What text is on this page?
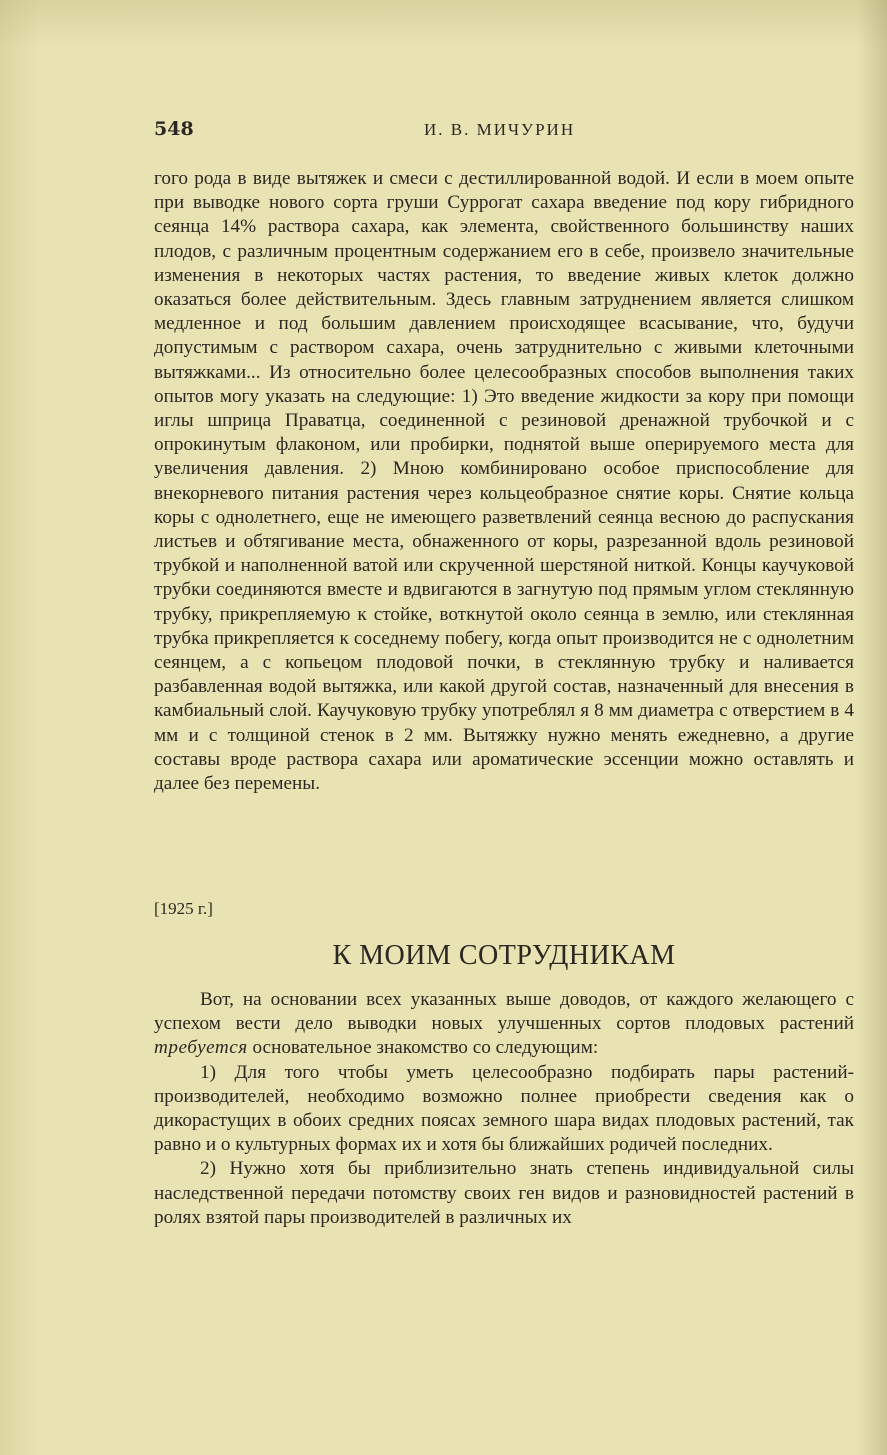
548	И. В. МИЧУРИН

гого рода в виде вытяжек и смеси с дестиллированной водой. И если в моем опыте при выводке нового сорта груши Суррогат сахара введение под кору гибридного сеянца 14% раствора сахара, как элемента, свойственного большинству наших плодов, с различным процентным содержанием его в себе, произвело значительные изменения в некоторых частях растения, то введение живых клеток должно оказаться более действительным. Здесь главным затруднением является слишком медленное и под большим давлением происходящее всасывание, что, будучи допустимым с раствором сахара, очень затруднительно с живыми клеточными вытяжками... Из относительно более целесообразных способов выполнения таких опытов могу указать на следующие: 1) Это введение жидкости за кору при помощи иглы шприца Праватца, соединенной с резиновой дренажной трубочкой и с опрокинутым флаконом, или пробирки, поднятой выше оперируемого места для увеличения давления. 2) Мною комбинировано особое приспособление для внекорневого питания растения через кольцеобразное снятие коры. Снятие кольца коры с однолетнего, еще не имеющего разветвлений сеянца весною до распускания листьев и обтягивание места, обнаженного от коры, разрезанной вдоль резиновой трубкой и наполненной ватой или скрученной шерстяной ниткой. Концы каучуковой трубки соединяются вместе и вдвигаются в загнутую под прямым углом стеклянную трубку, прикрепляемую к стойке, воткнутой около сеянца в землю, или стеклянная трубка прикрепляется к соседнему побегу, когда опыт производится не с однолетним сеянцем, а с копьецом плодовой почки, в стеклянную трубку и наливается разбавленная водой вытяжка, или какой другой состав, назначенный для внесения в камбиальный слой. Каучуковую трубку употреблял я 8 мм диаметра с отверстием в 4 мм и с толщиной стенок в 2 мм. Вытяжку нужно менять ежедневно, а другие составы вроде раствора сахара или ароматические эссенции можно оставлять и далее без перемены.

[1925 г.]
К МОИМ СОТРУДНИКАМ

Вот, на основании всех указанных выше доводов, от каждого желающего с успехом вести дело выводки новых улучшенных сортов плодовых растений требуется основательное знакомство со следующим:

1) Для того чтобы уметь целесообразно подбирать пары растений-производителей, необходимо возможно полнее приобрести сведения как о дикорастущих в обоих средних поясах земного шара видах плодовых растений, так равно и о культурных формах их и хотя бы ближайших родичей последних.

2) Нужно хотя бы приблизительно знать степень индивидуальной силы наследственной передачи потомству своих ген видов и разновидностей растений в ролях взятой пары производителей в различных их
